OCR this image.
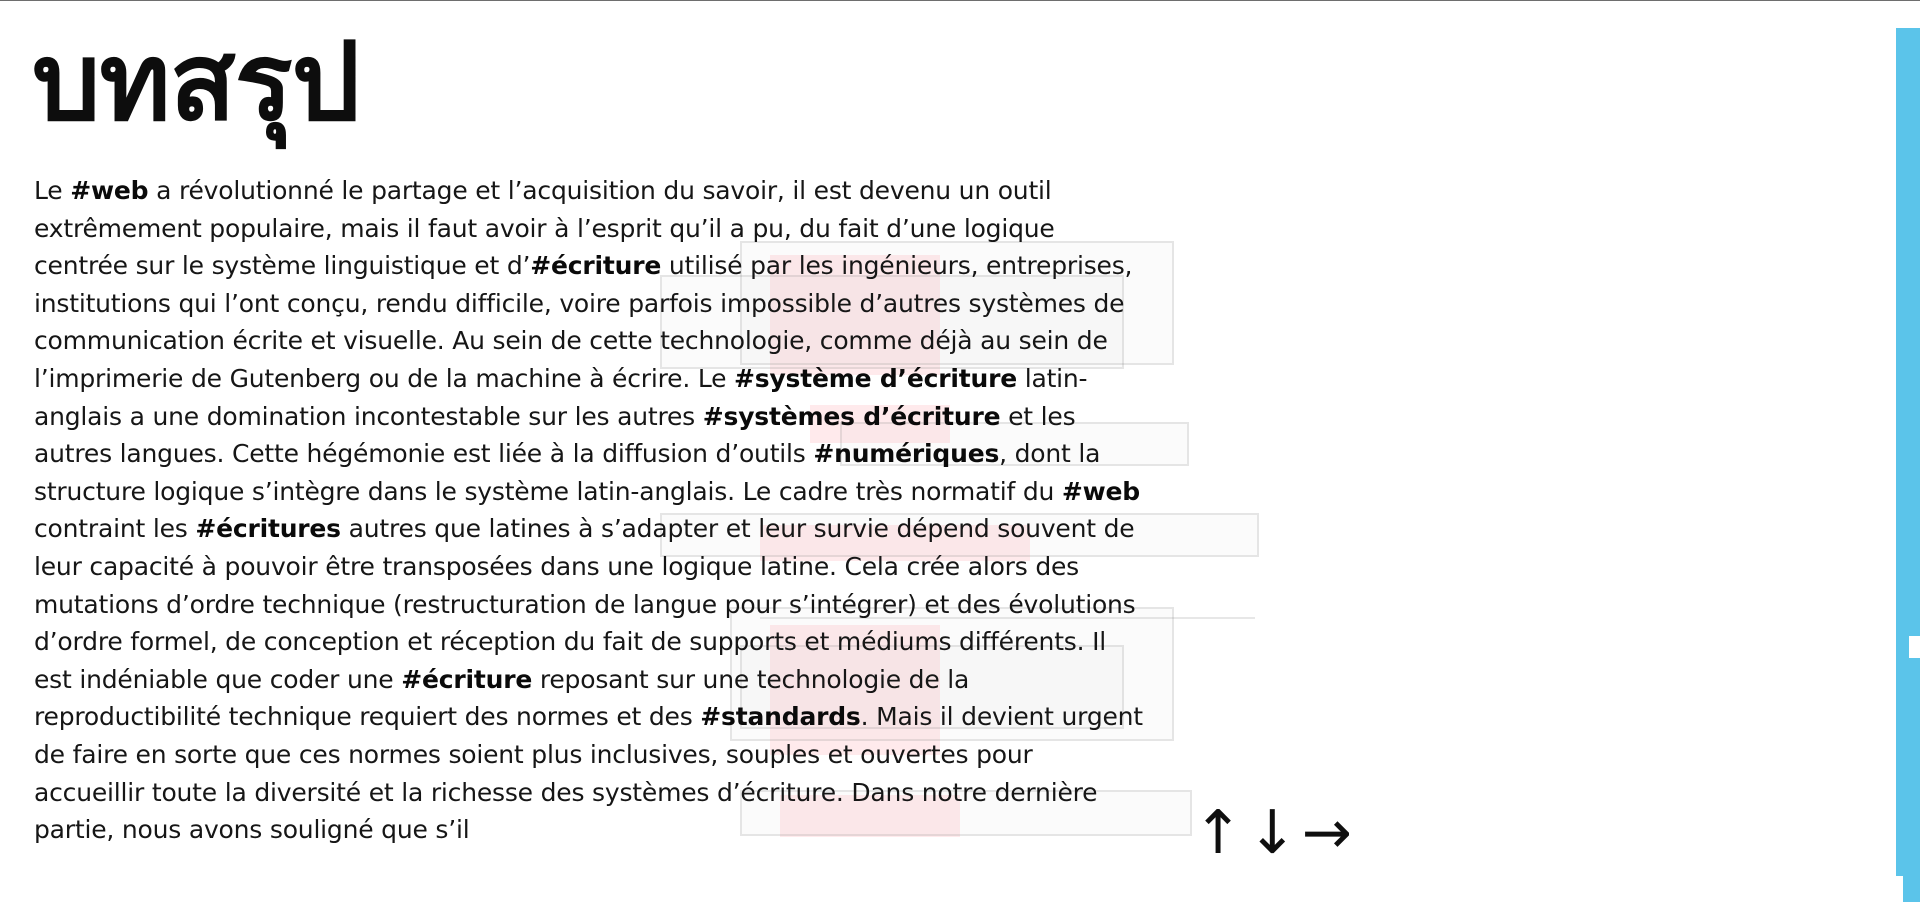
บทสรุป

Le #web a révolutionné le partage et l’acquisition du savoir, il est devenu un outil extrêmement populaire, mais il faut avoir à l’esprit qu’il a pu, du fait d’une logique centrée sur le système linguistique et d’#écriture utilisé par les ingénieurs, entreprises, institutions qui l’ont conçu, rendu difficile, voire parfois impossible d’autres systèmes de communication écrite et visuelle. Au sein de cette technologie, comme déjà au sein de l’imprimerie de Gutenberg ou de la machine à écrire. Le #système d’écriture latin-anglais a une domination incontestable sur les autres #systèmes d’écriture et les autres langues. Cette hégémonie est liée à la diffusion d’outils #numériques, dont la structure logique s’intègre dans le système latin-anglais. Le cadre très normatif du #web contraint les #écritures autres que latines à s’adapter et leur survie dépend souvent de leur capacité à pouvoir être transposées dans une logique latine. Cela crée alors des mutations d’ordre technique (restructuration de langue pour s’intégrer) et des évolutions d’ordre formel, de conception et réception du fait de supports et médiums différents. Il est indéniable que coder une #écriture reposant sur une technologie de la reproductibilité technique requiert des normes et des #standards. Mais il devient urgent de faire en sorte que ces normes soient plus inclusives, souples et ouvertes pour accueillir toute la diversité et la richesse des systèmes d’écriture. Dans notre dernière partie, nous avons souligné que s’il	↑ ↓ →
